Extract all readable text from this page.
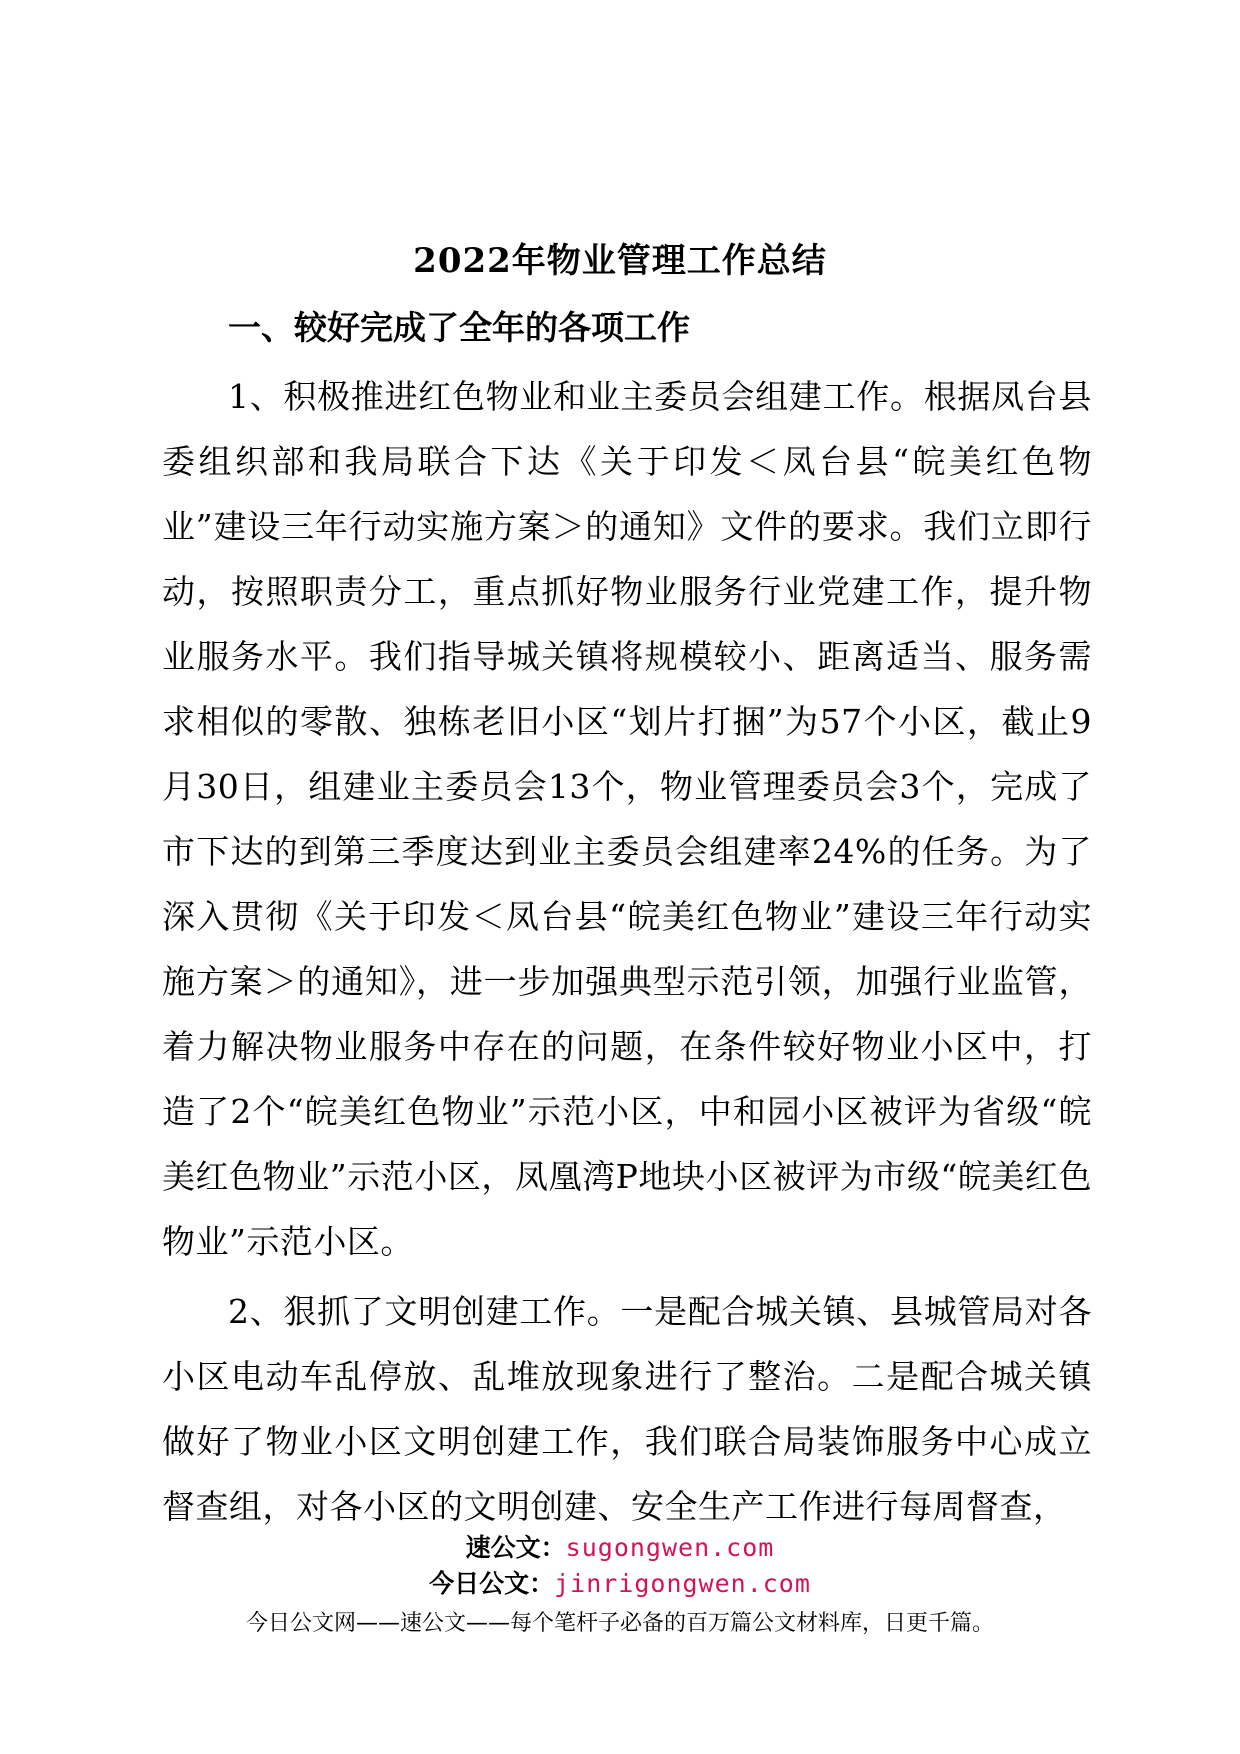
2022年物业管理工作总结
一、较好完成了全年的各项工作

1、积极推进红色物业和业主委员会组建工作。根据凤台县委组织部和我局联合下达《关于印发＜凤台县“皖美红色物业”建设三年行动实施方案＞的通知》文件的要求。我们立即行动，按照职责分工，重点抓好物业服务行业党建工作，提升物业服务水平。我们指导城关镇将规模较小、距离适当、服务需求相似的零散、独栋老旧小区“划片打捆”为57个小区，截止9月30日，组建业主委员会13个，物业管理委员会3个，完成了市下达的到第三季度达到业主委员会组建率24%的任务。为了深入贯彻《关于印发＜凤台县“皖美红色物业”建设三年行动实施方案＞的通知》，进一步加强典型示范引领，加强行业监管，着力解决物业服务中存在的问题，在条件较好物业小区中，打造了2个“皖美红色物业”示范小区，中和园小区被评为省级“皖美红色物业”示范小区，凤凰湾P地块小区被评为市级“皖美红色物业”示范小区。

2、狠抓了文明创建工作。一是配合城关镇、县城管局对各小区电动车乱停放、乱堆放现象进行了整治。二是配合城关镇做好了物业小区文明创建工作，我们联合局装饰服务中心成立督查组，对各小区的文明创建、安全生产工作进行每周督查，

速公文：sugongwen.com
今日公文：jinrigongwen.com
今日公文网——速公文——每个笔杆子必备的百万篇公文材料库，日更千篇。
